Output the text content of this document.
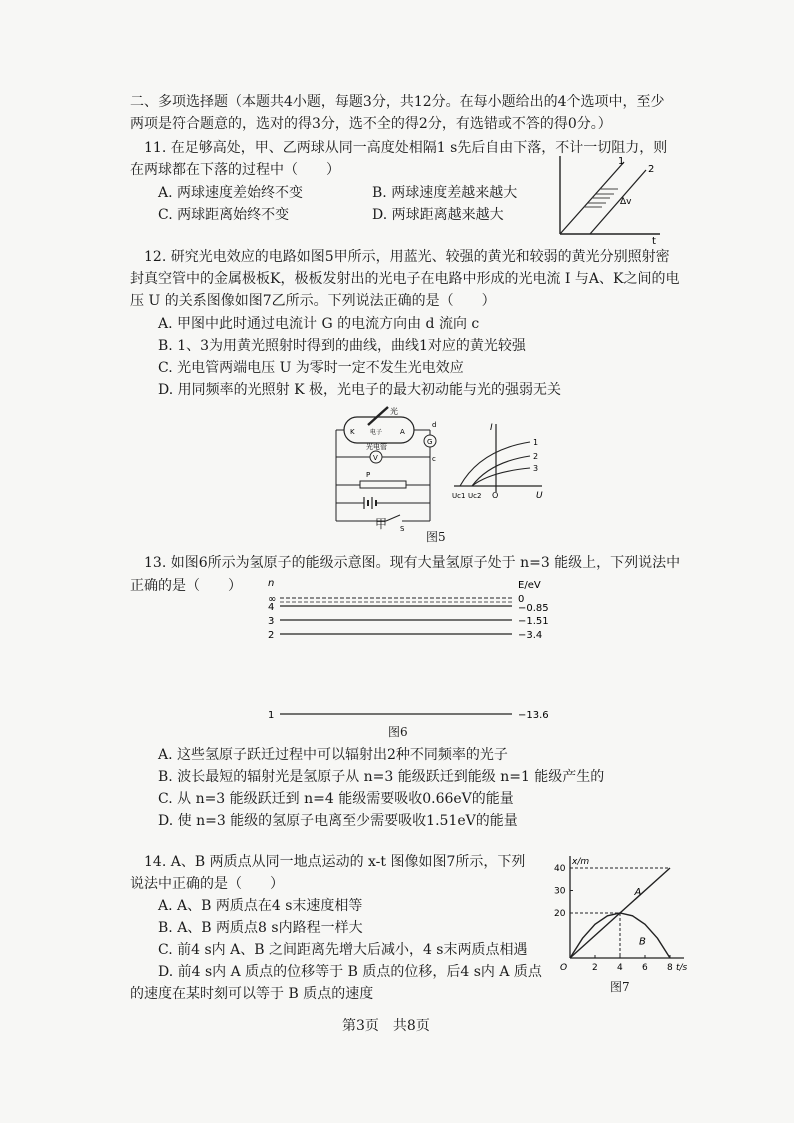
二、多项选择题（本题共4小题，每题3分，共12分。在每小题给出的4个选项中，至少
两项是符合题意的，选对的得3分，选不全的得2分，有选错或不答的得0分。）
11. 在足够高处，甲、乙两球从同一高度处相隔1 s先后自由下落，不计一切阻力，则
在两球都在下落的过程中（　　）
A. 两球速度差始终不变	B. 两球速度差越来越大
C. 两球距离始终不变	D. 两球距离越来越大
1
2
Δv
t
12. 研究光电效应的电路如图5甲所示，用蓝光、较强的黄光和较弱的黄光分别照射密
封真空管中的金属极板K，极板发射出的光电子在电路中形成的光电流 I 与A、K之间的电
压 U 的关系图像如图7乙所示。下列说法正确的是（　　）
A. 甲图中此时通过电流计 G 的电流方向由 d 流向 c
B. 1、3为用黄光照射时得到的曲线，曲线1对应的黄光较强
C. 光电管两端电压 U 为零时一定不发生光电效应
D. 用同频率的光照射 K 极，光电子的最大初动能与光的强弱无关
光
K	A
电子
光电管
G
d
c
V
P
S
甲
I
U
O
Uc1 Uc2
1
2
3
图5
13. 如图6所示为氢原子的能级示意图。现有大量氢原子处于 n=3 能级上，下列说法中
正确的是（　　）	n	E/eV
∞	0
4	−0.85
3	−1.51
2	−3.4
1	−13.6
图6
A. 这些氢原子跃迁过程中可以辐射出2种不同频率的光子
B. 波长最短的辐射光是氢原子从 n=3 能级跃迁到能级 n=1 能级产生的
C. 从 n=3 能级跃迁到 n=4 能级需要吸收0.66eV的能量
D. 使 n=3 能级的氢原子电离至少需要吸收1.51eV的能量
14. A、B 两质点从同一地点运动的 x-t 图像如图7所示，下列
说法中正确的是（　　）
A. A、B 两质点在4 s末速度相等
B. A、B 两质点8 s内路程一样大
C. 前4 s内 A、B 之间距离先增大后减小，4 s末两质点相遇
D. 前4 s内 A 质点的位移等于 B 质点的位移，后4 s内 A 质点
的速度在某时刻可以等于 B 质点的速度
x/m
t/s
O	2 4 6 8
20
30
40
A
B
图7
第3页　共8页
